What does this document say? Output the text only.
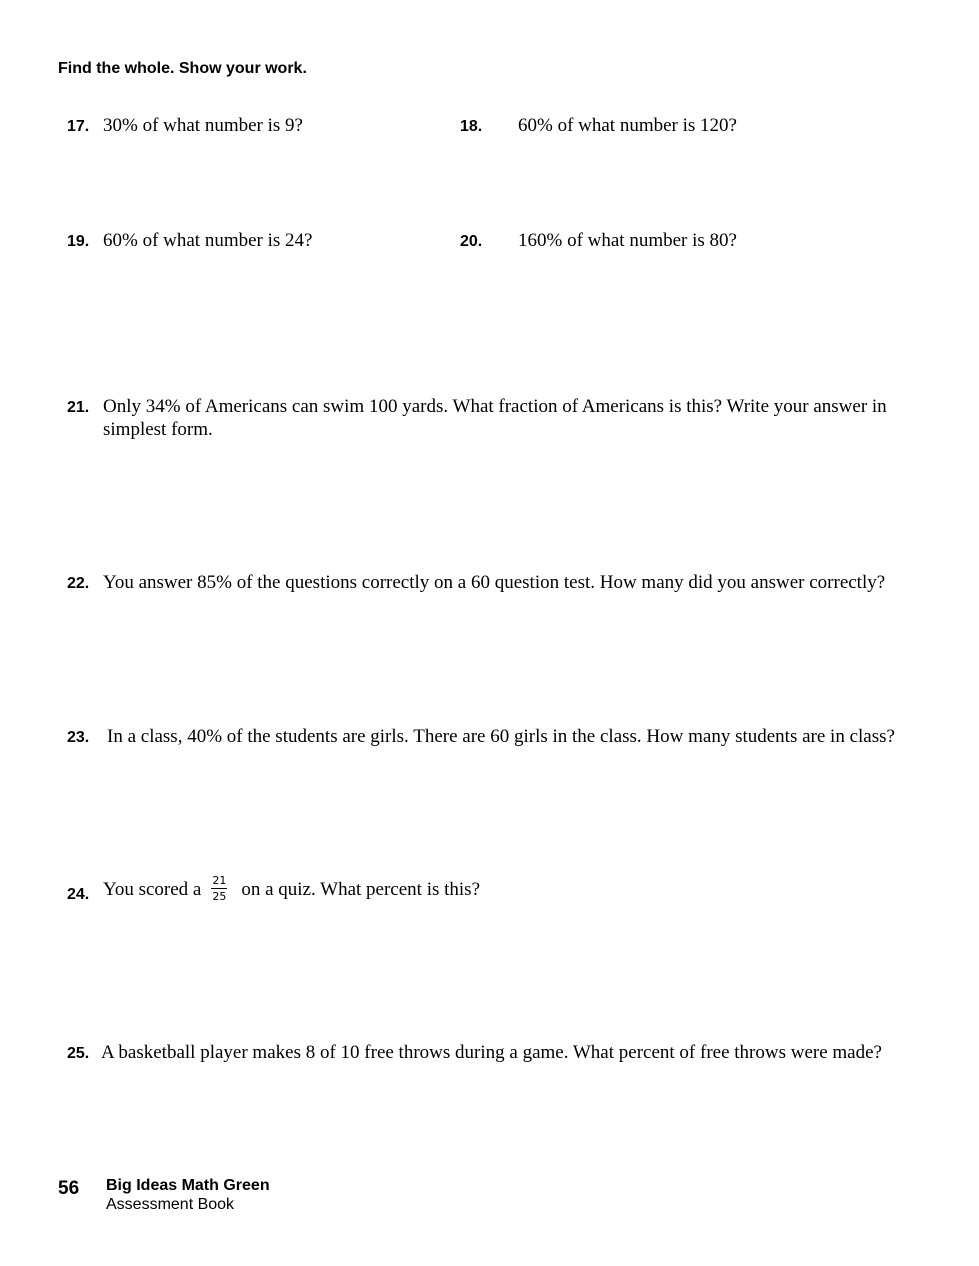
Find the whole. Show your work.
17. 30% of what number is 9?	18. 60% of what number is 120?
19. 60% of what number is 24?	20. 160% of what number is 80?
21. Only 34% of Americans can swim 100 yards. What fraction of Americans is this? Write your answer in
simplest form.
22. You answer 85% of the questions correctly on a 60 question test. How many did you answer correctly?
23. In a class, 40% of the students are girls. There are 60 girls in the class. How many students are in class?
24. You scored a $\frac{21}{25}$ on a quiz. What percent is this?
25. A basketball player makes 8 of 10 free throws during a game. What percent of free throws were made?
56 Big Ideas Math Green
Assessment Book
